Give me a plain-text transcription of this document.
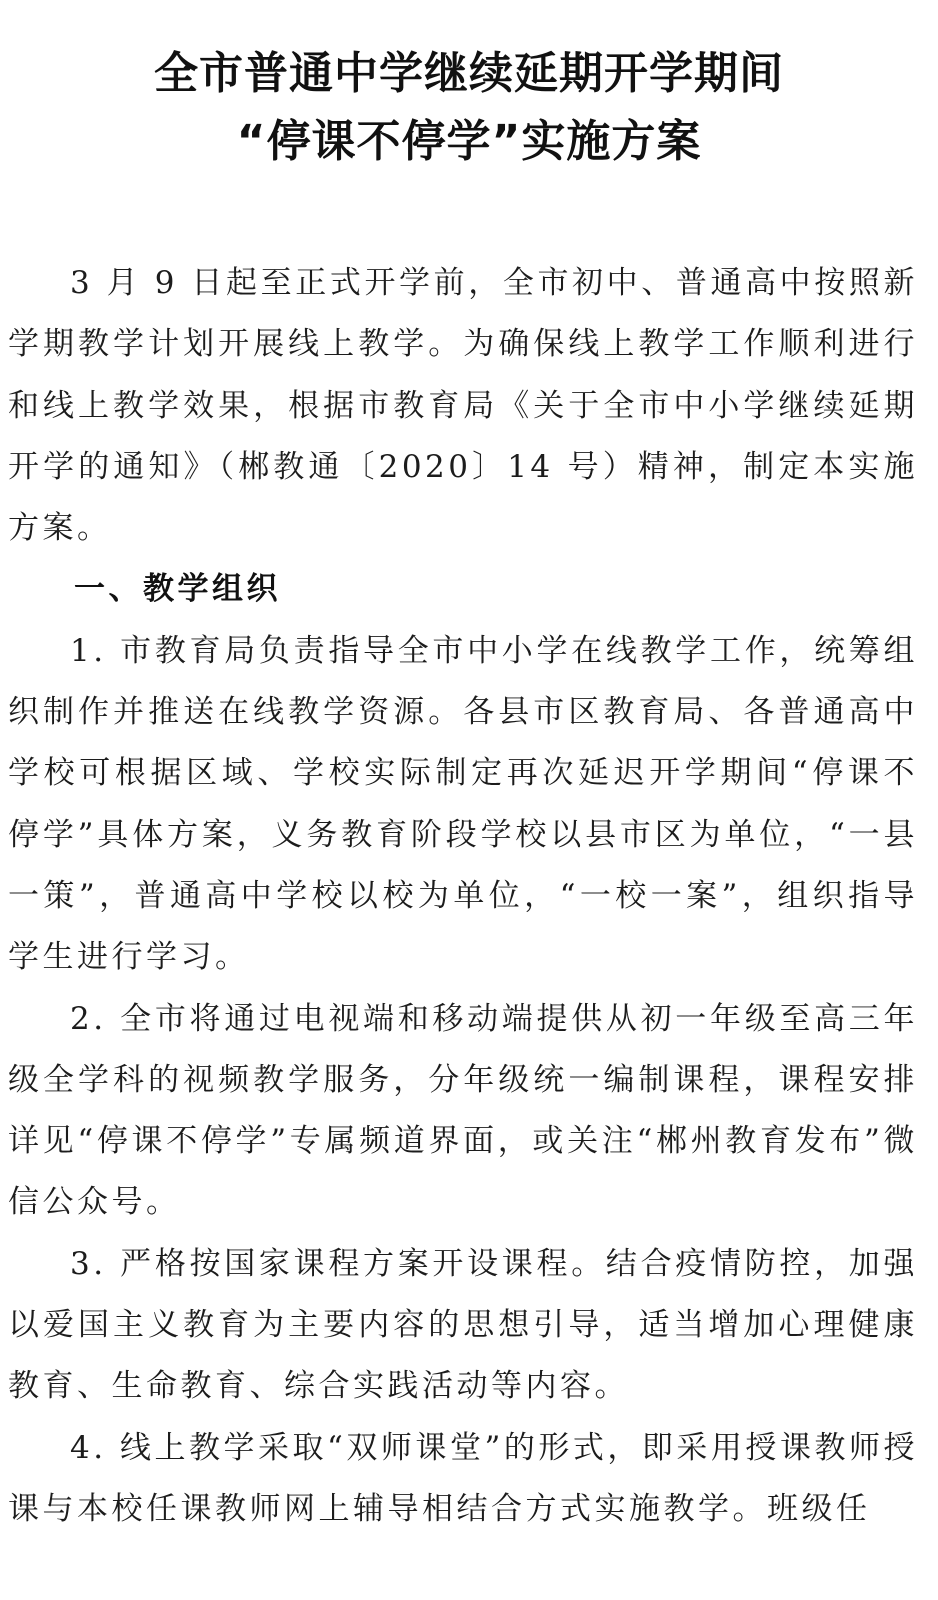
全市普通中学继续延期开学期间
“停课不停学”实施方案

3 月 9 日起至正式开学前，全市初中、普通高中按照新学期教学计划开展线上教学。为确保线上教学工作顺利进行和线上教学效果，根据市教育局《关于全市中小学继续延期开学的通知》（郴教通〔2020〕14 号）精神，制定本实施方案。

一、教学组织

1. 市教育局负责指导全市中小学在线教学工作，统筹组织制作并推送在线教学资源。各县市区教育局、各普通高中学校可根据区域、学校实际制定再次延迟开学期间“停课不停学”具体方案，义务教育阶段学校以县市区为单位，“一县一策”，普通高中学校以校为单位，“一校一案”，组织指导学生进行学习。

2. 全市将通过电视端和移动端提供从初一年级至高三年级全学科的视频教学服务，分年级统一编制课程，课程安排详见“停课不停学”专属频道界面，或关注“郴州教育发布”微信公众号。

3. 严格按国家课程方案开设课程。结合疫情防控，加强以爱国主义教育为主要内容的思想引导，适当增加心理健康教育、生命教育、综合实践活动等内容。

4. 线上教学采取“双师课堂”的形式，即采用授课教师授课与本校任课教师网上辅导相结合方式实施教学。班级任
